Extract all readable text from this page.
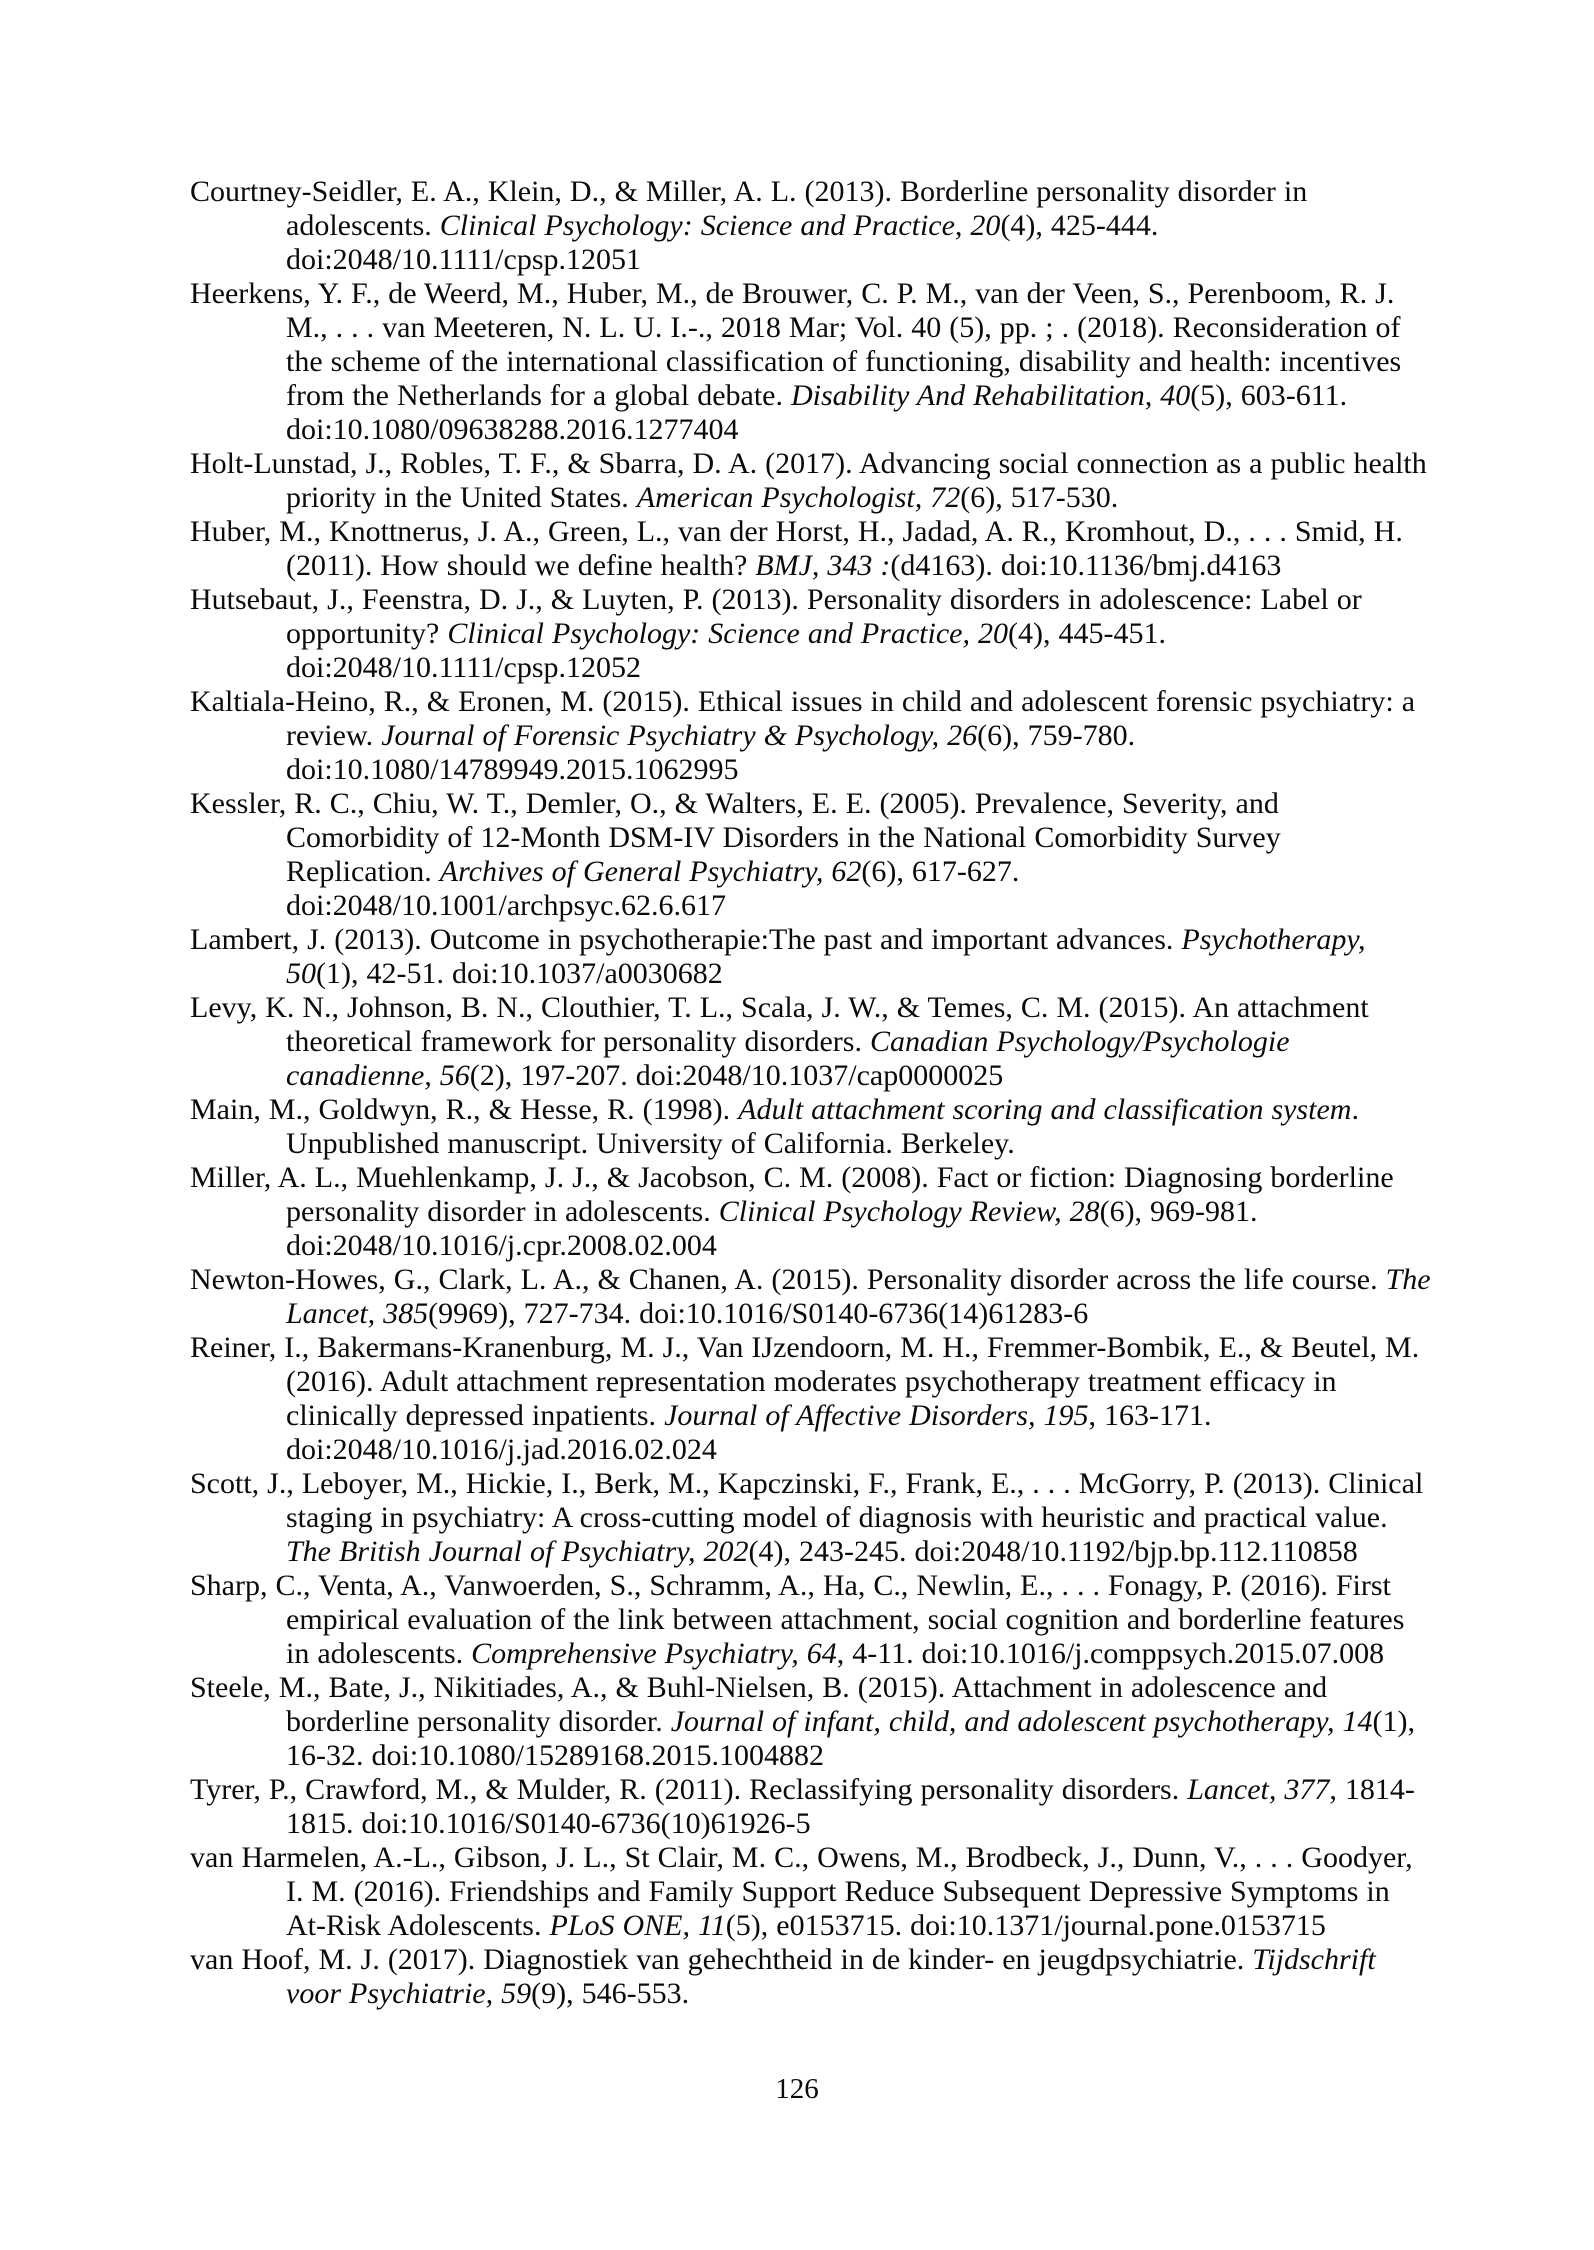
Courtney-Seidler, E. A., Klein, D., & Miller, A. L. (2013). Borderline personality disorder in adolescents. Clinical Psychology: Science and Practice, 20(4), 425-444. doi:2048/10.1111/cpsp.12051

Heerkens, Y. F., de Weerd, M., Huber, M., de Brouwer, C. P. M., van der Veen, S., Perenboom, R. J. M., . . . van Meeteren, N. L. U. I.-., 2018 Mar; Vol. 40 (5), pp. ; . (2018). Reconsideration of the scheme of the international classification of functioning, disability and health: incentives from the Netherlands for a global debate. Disability And Rehabilitation, 40(5), 603-611. doi:10.1080/09638288.2016.1277404

Holt-Lunstad, J., Robles, T. F., & Sbarra, D. A. (2017). Advancing social connection as a public health priority in the United States. American Psychologist, 72(6), 517-530.

Huber, M., Knottnerus, J. A., Green, L., van der Horst, H., Jadad, A. R., Kromhout, D., . . . Smid, H. (2011). How should we define health? BMJ, 343 :(d4163). doi:10.1136/bmj.d4163

Hutsebaut, J., Feenstra, D. J., & Luyten, P. (2013). Personality disorders in adolescence: Label or opportunity? Clinical Psychology: Science and Practice, 20(4), 445-451. doi:2048/10.1111/cpsp.12052

Kaltiala-Heino, R., & Eronen, M. (2015). Ethical issues in child and adolescent forensic psychiatry: a review. Journal of Forensic Psychiatry & Psychology, 26(6), 759-780. doi:10.1080/14789949.2015.1062995

Kessler, R. C., Chiu, W. T., Demler, O., & Walters, E. E. (2005). Prevalence, Severity, and Comorbidity of 12-Month DSM-IV Disorders in the National Comorbidity Survey Replication. Archives of General Psychiatry, 62(6), 617-627. doi:2048/10.1001/archpsyc.62.6.617

Lambert, J. (2013). Outcome in psychotherapie:The past and important advances. Psychotherapy, 50(1), 42-51. doi:10.1037/a0030682

Levy, K. N., Johnson, B. N., Clouthier, T. L., Scala, J. W., & Temes, C. M. (2015). An attachment theoretical framework for personality disorders. Canadian Psychology/Psychologie canadienne, 56(2), 197-207. doi:2048/10.1037/cap0000025

Main, M., Goldwyn, R., & Hesse, R. (1998). Adult attachment scoring and classification system. Unpublished manuscript. University of California. Berkeley.

Miller, A. L., Muehlenkamp, J. J., & Jacobson, C. M. (2008). Fact or fiction: Diagnosing borderline personality disorder in adolescents. Clinical Psychology Review, 28(6), 969-981. doi:2048/10.1016/j.cpr.2008.02.004

Newton-Howes, G., Clark, L. A., & Chanen, A. (2015). Personality disorder across the life course. The Lancet, 385(9969), 727-734. doi:10.1016/S0140-6736(14)61283-6

Reiner, I., Bakermans-Kranenburg, M. J., Van IJzendoorn, M. H., Fremmer-Bombik, E., & Beutel, M. (2016). Adult attachment representation moderates psychotherapy treatment efficacy in clinically depressed inpatients. Journal of Affective Disorders, 195, 163-171. doi:2048/10.1016/j.jad.2016.02.024

Scott, J., Leboyer, M., Hickie, I., Berk, M., Kapczinski, F., Frank, E., . . . McGorry, P. (2013). Clinical staging in psychiatry: A cross-cutting model of diagnosis with heuristic and practical value. The British Journal of Psychiatry, 202(4), 243-245. doi:2048/10.1192/bjp.bp.112.110858

Sharp, C., Venta, A., Vanwoerden, S., Schramm, A., Ha, C., Newlin, E., . . . Fonagy, P. (2016). First empirical evaluation of the link between attachment, social cognition and borderline features in adolescents. Comprehensive Psychiatry, 64, 4-11. doi:10.1016/j.comppsych.2015.07.008

Steele, M., Bate, J., Nikitiades, A., & Buhl-Nielsen, B. (2015). Attachment in adolescence and borderline personality disorder. Journal of infant, child, and adolescent psychotherapy, 14(1), 16-32. doi:10.1080/15289168.2015.1004882

Tyrer, P., Crawford, M., & Mulder, R. (2011). Reclassifying personality disorders. Lancet, 377, 1814-1815. doi:10.1016/S0140-6736(10)61926-5

van Harmelen, A.-L., Gibson, J. L., St Clair, M. C., Owens, M., Brodbeck, J., Dunn, V., . . . Goodyer, I. M. (2016). Friendships and Family Support Reduce Subsequent Depressive Symptoms in At-Risk Adolescents. PLoS ONE, 11(5), e0153715. doi:10.1371/journal.pone.0153715

van Hoof, M. J. (2017). Diagnostiek van gehechtheid in de kinder- en jeugdpsychiatrie. Tijdschrift voor Psychiatrie, 59(9), 546-553.

126
